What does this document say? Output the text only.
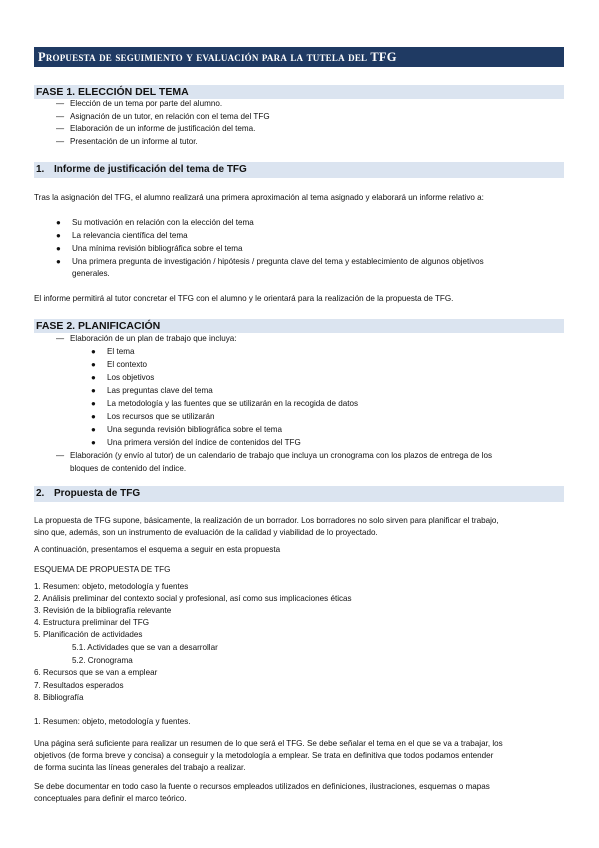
Propuesta de seguimiento y evaluación para la tutela del TFG
FASE 1. ELECCIÓN DEL TEMA
— Elección de un tema por parte del alumno.
— Asignación de un tutor, en relación con el tema del TFG
— Elaboración de un informe de justificación del tema.
— Presentación de un informe al tutor.
1. Informe de justificación del tema de TFG
Tras la asignación del TFG, el alumno realizará una primera aproximación al tema asignado y elaborará un informe relativo a:
● Su motivación en relación con la elección del tema
● La relevancia científica del tema
● Una mínima revisión bibliográfica sobre el tema
● Una primera pregunta de investigación / hipótesis / pregunta clave del tema y establecimiento de algunos objetivos
generales.
El informe permitirá al tutor concretar el TFG con el alumno y le orientará para la realización de la propuesta de TFG.
FASE 2. PLANIFICACIÓN
— Elaboración de un plan de trabajo que incluya:
● El tema
● El contexto
● Los objetivos
● Las preguntas clave del tema
● La metodología y las fuentes que se utilizarán en la recogida de datos
● Los recursos que se utilizarán
● Una segunda revisión bibliográfica sobre el tema
● Una primera versión del índice de contenidos del TFG
— Elaboración (y envío al tutor) de un calendario de trabajo que incluya un cronograma con los plazos de entrega de los
bloques de contenido del índice.
2. Propuesta de TFG
La propuesta de TFG supone, básicamente, la realización de un borrador. Los borradores no solo sirven para planificar el trabajo,
sino que, además, son un instrumento de evaluación de la calidad y viabilidad de lo proyectado.
A continuación, presentamos el esquema a seguir en esta propuesta
ESQUEMA DE PROPUESTA DE TFG
1. Resumen: objeto, metodología y fuentes
2. Análisis preliminar del contexto social y profesional, así como sus implicaciones éticas
3. Revisión de la bibliografía relevante
4. Estructura preliminar del TFG
5. Planificación de actividades
5.1. Actividades que se van a desarrollar
5.2. Cronograma
6. Recursos que se van a emplear
7. Resultados esperados
8. Bibliografía
1. Resumen: objeto, metodología y fuentes.
Una página será suficiente para realizar un resumen de lo que será el TFG. Se debe señalar el tema en el que se va a trabajar, los
objetivos (de forma breve y concisa) a conseguir y la metodología a emplear. Se trata en definitiva que todos podamos entender
de forma sucinta las líneas generales del trabajo a realizar.
Se debe documentar en todo caso la fuente o recursos empleados utilizados en definiciones, ilustraciones, esquemas o mapas
conceptuales para definir el marco teórico.
